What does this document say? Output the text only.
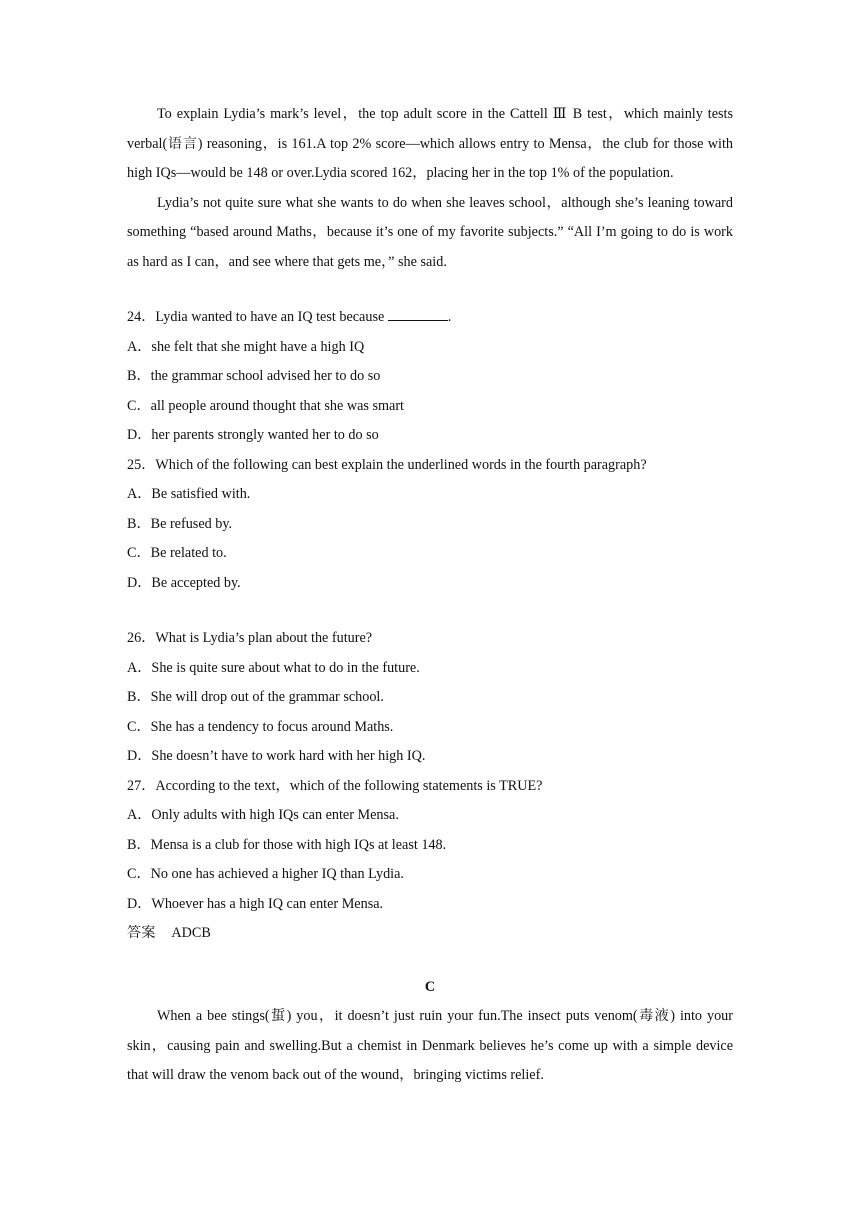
To explain Lydia’s mark’s level，the top adult score in the Cattell Ⅲ B test，which mainly tests verbal(语言) reasoning，is 161.A top 2% score—which allows entry to Mensa，the club for those with high IQs—would be 148 or over.Lydia scored 162，placing her in the top 1% of the population.

Lydia’s not quite sure what she wants to do when she leaves school，although she’s leaning toward something “based around Maths，because it’s one of my favorite subjects.” “All I’m going to do is work as hard as I can，and see where that gets me，” she said.

24．Lydia wanted to have an IQ test because	.

A．she felt that she might have a high IQ

B．the grammar school advised her to do so

C．all people around thought that she was smart

D．her parents strongly wanted her to do so

25．Which of the following can best explain the underlined words in the fourth paragraph?

A．Be satisfied with.

B．Be refused by.

C．Be related to.

D．Be accepted by.

26．What is Lydia’s plan about the future?

A．She is quite sure about what to do in the future.

B．She will drop out of the grammar school.

C．She has a tendency to focus around Maths.

D．She doesn’t have to work hard with her high IQ.

27．According to the text，which of the following statements is TRUE?

A．Only adults with high IQs can enter Mensa.

B．Mensa is a club for those with high IQs at least 148.

C．No one has achieved a higher IQ than Lydia.

D．Whoever has a high IQ can enter Mensa.

答案 ADCB

C

When a bee stings(蜇) you，it doesn’t just ruin your fun.The insect puts venom(毒液) into your skin，causing pain and swelling.But a chemist in Denmark believes he’s come up with a simple device that will draw the venom back out of the wound，bringing victims relief.
